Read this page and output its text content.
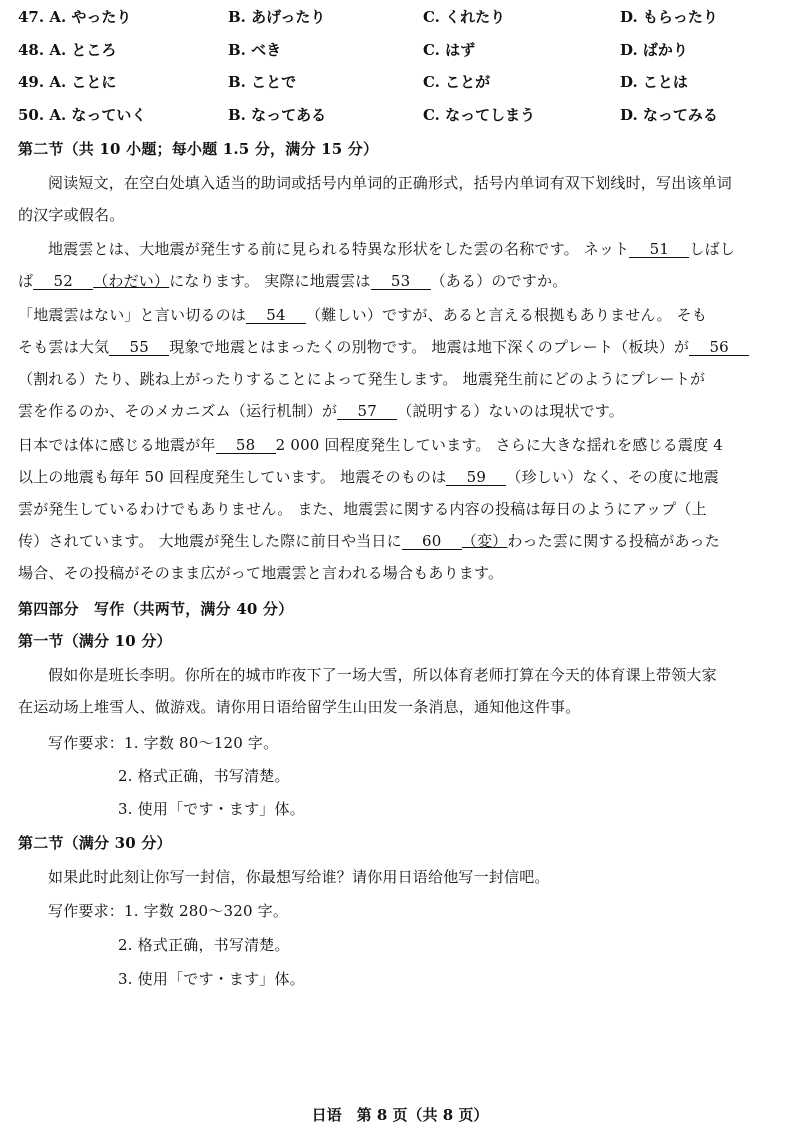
47. A. やったり	B. あげったり	C. くれたり	D. もらったり
48. A. ところ	B. べき	C. はず	D. ばかり
49. A. ことに	B. ことで	C. ことが	D. ことは
50. A. なっていく	B. なってある	C. なってしまう	D. なってみる
第二节（共 10 小题；每小题 1.5 分，满分 15 分）
阅读短文，在空白处填入适当的助词或括号内单词的正确形式，括号内单词有双下划线时，写出该单词
的汉字或假名。
地震雲とは、大地震が発生する前に見られる特異な形状をした雲の名称です。 ネット 51 しばし
ば 52 （わだい）になります。 実際に地震雲は 53 （ある）のですか。
「地震雲はない」と言い切るのは 54 （難しい）ですが、あると言える根拠もありません。 そも
そも雲は大気 55 現象で地震とはまったくの別物です。 地震は地下深くのプレート（板块）が 56
（割れる）たり、跳ね上がったりすることによって発生します。 地震発生前にどのようにプレートが
雲を作るのか、そのメカニズム（运行机制）が 57 （説明する）ないのは現状です。
日本では体に感じる地震が年 58 2 000 回程度発生しています。 さらに大きな揺れを感じる震度 4
以上の地震も毎年 50 回程度発生しています。 地震そのものは 59 （珍しい）なく、その度に地震
雲が発生しているわけでもありません。 また、地震雲に関する内容の投稿は毎日のようにアップ（上
传）されています。 大地震が発生した際に前日や当日に 60 （変）わった雲に関する投稿があった
場合、その投稿がそのまま広がって地震雲と言われる場合もあります。
第四部分　写作（共两节，满分 40 分）
第一节（满分 10 分）
假如你是班长李明。你所在的城市昨夜下了一场大雪，所以体育老师打算在今天的体育课上带领大家
在运动场上堆雪人、做游戏。请你用日语给留学生山田发一条消息，通知他这件事。
写作要求：1. 字数 80～120 字。
2. 格式正确，书写清楚。
3. 使用「です・ます」体。
第二节（满分 30 分）
如果此时此刻让你写一封信，你最想写给谁？请你用日语给他写一封信吧。
写作要求：1. 字数 280～320 字。
2. 格式正确，书写清楚。
3. 使用「です・ます」体。
日语　第 8 页（共 8 页）
